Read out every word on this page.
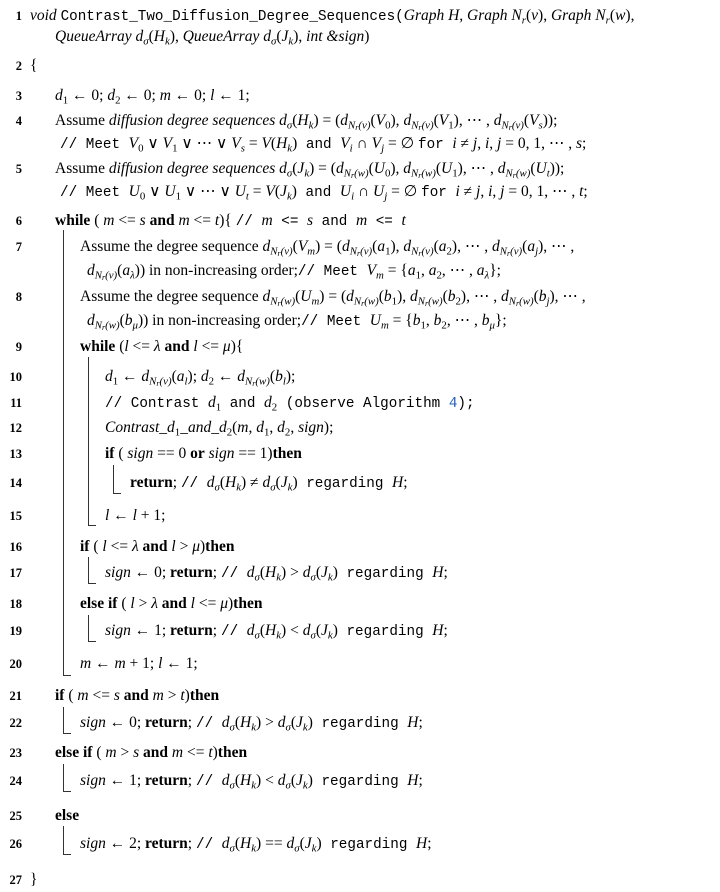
1 void Contrast_Two_Diffusion_Degree_Sequences(Graph H, Graph $N_r(v)$, Graph $N_r(w)$,
QueueArray $d_\sigma(H_k)$, QueueArray $d_\sigma(J_k)$, int &sign)
2 {
3 $d_1$ ← 0; $d_2$ ← 0; m ← 0; l ← 1;
4 Assume diffusion degree sequences $d_\sigma(H_k) = (d_{Nr(v)}(V_0)$, $d_{Nr(v)}(V_1)$, ⋯ , $d_{Nr(v)}(V_s)$);
// Meet $V_0$ ∨ $V_1$ ∨ ⋯ ∨ $V_s = V(H_k)$ and $V_i$ ∩ $V_j$ = ∅ for i ≠ j, i, j = 0, 1, ⋯ , s;
5 Assume diffusion degree sequences $d_\sigma(J_k) = (d_{Nr(w)}(U_0)$, $d_{Nr(w)}(U_1)$, ⋯ , $d_{Nr(w)}(U_t)$);
// Meet $U_0$ ∨ $U_1$ ∨ ⋯ ∨ $U_t = V(J_k)$ and $U_i$ ∩ $U_j$ = ∅ for i ≠ j, i, j = 0, 1, ⋯ , t;
6 while ( m <= s and m <= t){ // m <= s and m <= t
7	Assume the degree sequence $d_{Nr(v)}(V_m) = (d_{Nr(v)}(a_1)$, $d_{Nr(v)}(a_2)$, ⋯ , $d_{Nr(v)}(a_j)$, ⋯ ,
$d_{Nr(v)}(a_\lambda)$) in non-increasing order;// Meet $V_m = \{a_1$, $a_2$, ⋯ , $a_\lambda$};
8	Assume the degree sequence $d_{Nr(w)}(U_m) = (d_{Nr(w)}(b_1)$, $d_{Nr(w)}(b_2)$, ⋯ , $d_{Nr(w)}(b_j)$, ⋯ ,
$d_{Nr(w)}(b_\mu)$) in non-increasing order;// Meet $U_m = \{b_1$, $b_2$, ⋯ , $b_\mu$};
9	while (l <= λ and l <= μ){
10	$d_1$ ← $d_{Nr(v)}(a_l)$; $d_2$ ← $d_{Nr(w)}(b_l)$;
11	// Contrast $d_1$ and $d_2$ (observe Algorithm 4);
12	$Contrast\_d_1\_and\_d_2(m$, $d_1$, $d_2$, sign);
13	if ( sign == 0 or sign == 1)then
14	return; // $d_\sigma(H_k) \ne d_\sigma(J_k)$ regarding H;
15	l ← l + 1;
16	if ( l <= λ and l > μ)then
17	sign ← 0; return; // $d_\sigma(H_k) > d_\sigma(J_k)$ regarding H;
18	else if ( l > λ and l <= μ)then
19	sign ← 1; return; // $d_\sigma(H_k) < d_\sigma(J_k)$ regarding H;
20	m ← m + 1; l ← 1;
21 if ( m <= s and m > t)then
22	sign ← 0; return; // $d_\sigma(H_k) > d_\sigma(J_k)$ regarding H;
23 else if ( m > s and m <= t)then
24	sign ← 1; return; // $d_\sigma(H_k) < d_\sigma(J_k)$ regarding H;
25 else
26	sign ← 2; return; // $d_\sigma(H_k) == d_\sigma(J_k)$ regarding H;
27 }
